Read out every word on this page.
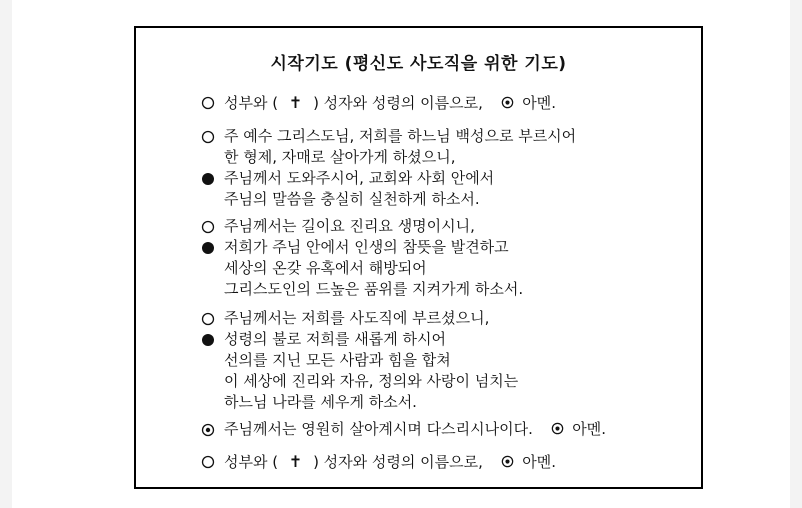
시작기도 (평신도 사도직을 위한 기도)
성부와 ( ✝ ) 성자와 성령의 이름으로,	아멘.
주 예수 그리스도님, 저희를 하느님 백성으로 부르시어
한 형제, 자매로 살아가게 하셨으니,
주님께서 도와주시어, 교회와 사회 안에서
주님의 말씀을 충실히 실천하게 하소서.
주님께서는 길이요 진리요 생명이시니,
저희가 주님 안에서 인생의 참뜻을 발견하고
세상의 온갖 유혹에서 해방되어
그리스도인의 드높은 품위를 지켜가게 하소서.
주님께서는 저희를 사도직에 부르셨으니,
성령의 불로 저희를 새롭게 하시어
선의를 지닌 모든 사람과 힘을 합쳐
이 세상에 진리와 자유, 정의와 사랑이 넘치는
하느님 나라를 세우게 하소서.
주님께서는 영원히 살아계시며 다스리시나이다.	아멘.
성부와 ( ✝ ) 성자와 성령의 이름으로,	아멘.
